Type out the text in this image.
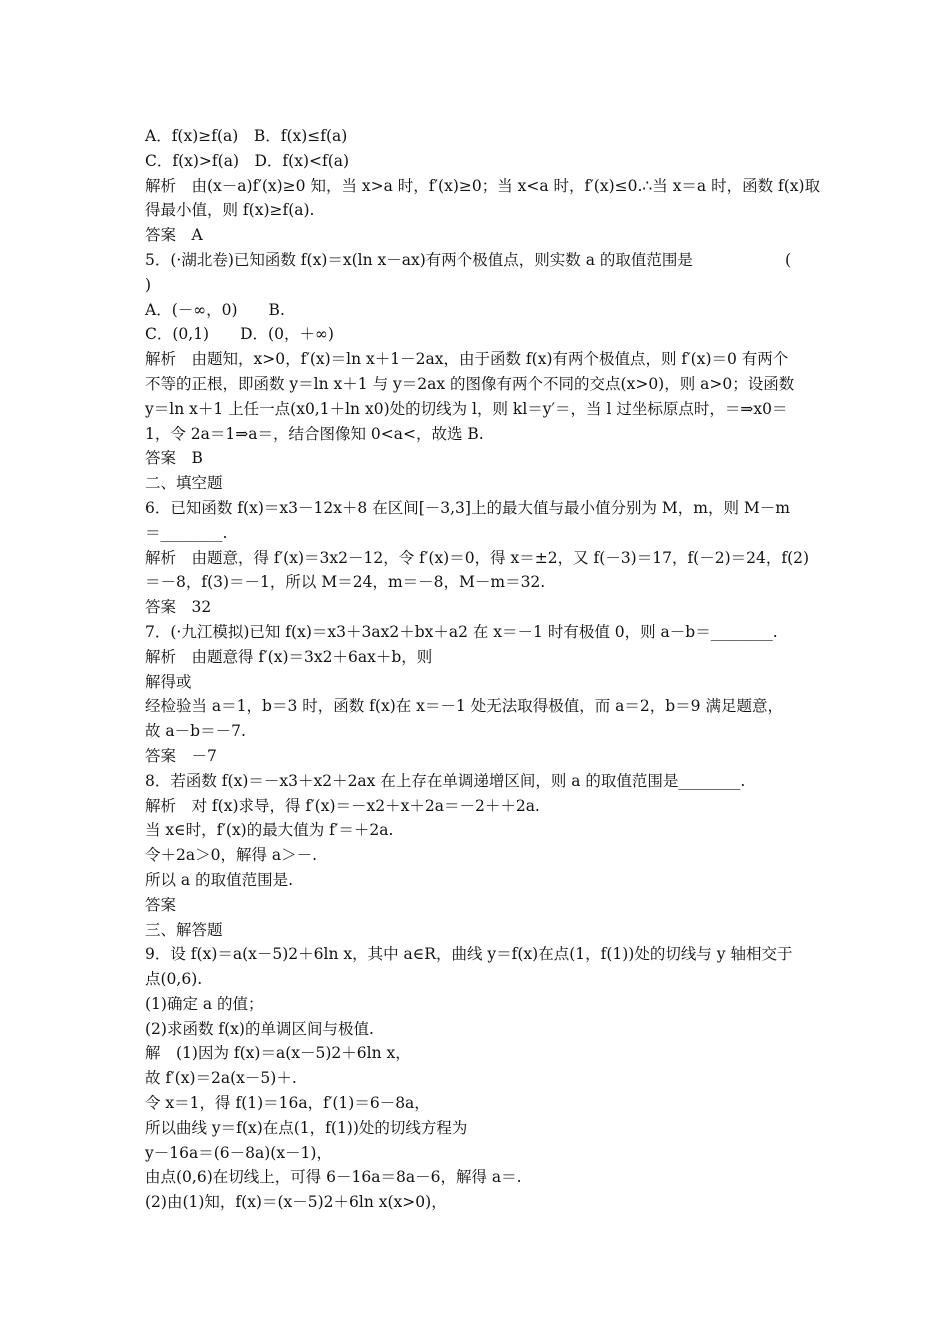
A．f(x)≥f(a)　B．f(x)≤f(a)
C．f(x)>f(a)　D．f(x)<f(a)
解析　由(x－a)f′(x)≥0 知，当 x>a 时，f′(x)≥0；当 x<a 时，f′(x)≤0.∴当 x＝a 时，函数 f(x)取
得最小值，则 f(x)≥f(a).
答案　A
5．(·湖北卷)已知函数 f(x)＝x(ln x－ax)有两个极值点，则实数 a 的取值范围是	(
)
A．(－∞，0)　　B.
C．(0,1)　　D．(0，＋∞)
解析　由题知，x>0，f′(x)＝ln x＋1－2ax，由于函数 f(x)有两个极值点，则 f′(x)＝0 有两个
不等的正根，即函数 y＝ln x＋1 与 y＝2ax 的图像有两个不同的交点(x>0)，则 a>0；设函数
y＝ln x＋1 上任一点(x0,1＋ln x0)处的切线为 l，则 kl＝y′＝，当 l 过坐标原点时，＝⇒x0＝
1，令 2a＝1⇒a＝，结合图像知 0<a<，故选 B.
答案　B
二、填空题
6．已知函数 f(x)＝x3－12x＋8 在区间[－3,3]上的最大值与最小值分别为 M，m，则 M－m
＝________.
解析　由题意，得 f′(x)＝3x2－12，令 f′(x)＝0，得 x＝±2，又 f(－3)＝17，f(－2)＝24，f(2)
＝－8，f(3)＝－1，所以 M＝24，m＝－8，M－m＝32.
答案　32
7．(·九江模拟)已知 f(x)＝x3＋3ax2＋bx＋a2 在 x＝－1 时有极值 0，则 a－b＝________.
解析　由题意得 f′(x)＝3x2＋6ax＋b，则
解得或
经检验当 a＝1，b＝3 时，函数 f(x)在 x＝－1 处无法取得极值，而 a＝2，b＝9 满足题意，
故 a－b＝－7.
答案　－7
8．若函数 f(x)＝－x3＋x2＋2ax 在上存在单调递增区间，则 a 的取值范围是________.
解析　对 f(x)求导，得 f′(x)＝－x2＋x＋2a＝－2＋＋2a.
当 x∈时，f′(x)的最大值为 f′＝＋2a.
令＋2a＞0，解得 a＞－.
所以 a 的取值范围是.
答案
三、解答题
9．设 f(x)＝a(x－5)2＋6ln x，其中 a∈R，曲线 y＝f(x)在点(1，f(1))处的切线与 y 轴相交于
点(0,6).
(1)确定 a 的值；
(2)求函数 f(x)的单调区间与极值.
解　(1)因为 f(x)＝a(x－5)2＋6ln x，
故 f′(x)＝2a(x－5)＋.
令 x＝1，得 f(1)＝16a，f′(1)＝6－8a，
所以曲线 y＝f(x)在点(1，f(1))处的切线方程为
y－16a＝(6－8a)(x－1)，
由点(0,6)在切线上，可得 6－16a＝8a－6，解得 a＝.
(2)由(1)知，f(x)＝(x－5)2＋6ln x(x>0)，
